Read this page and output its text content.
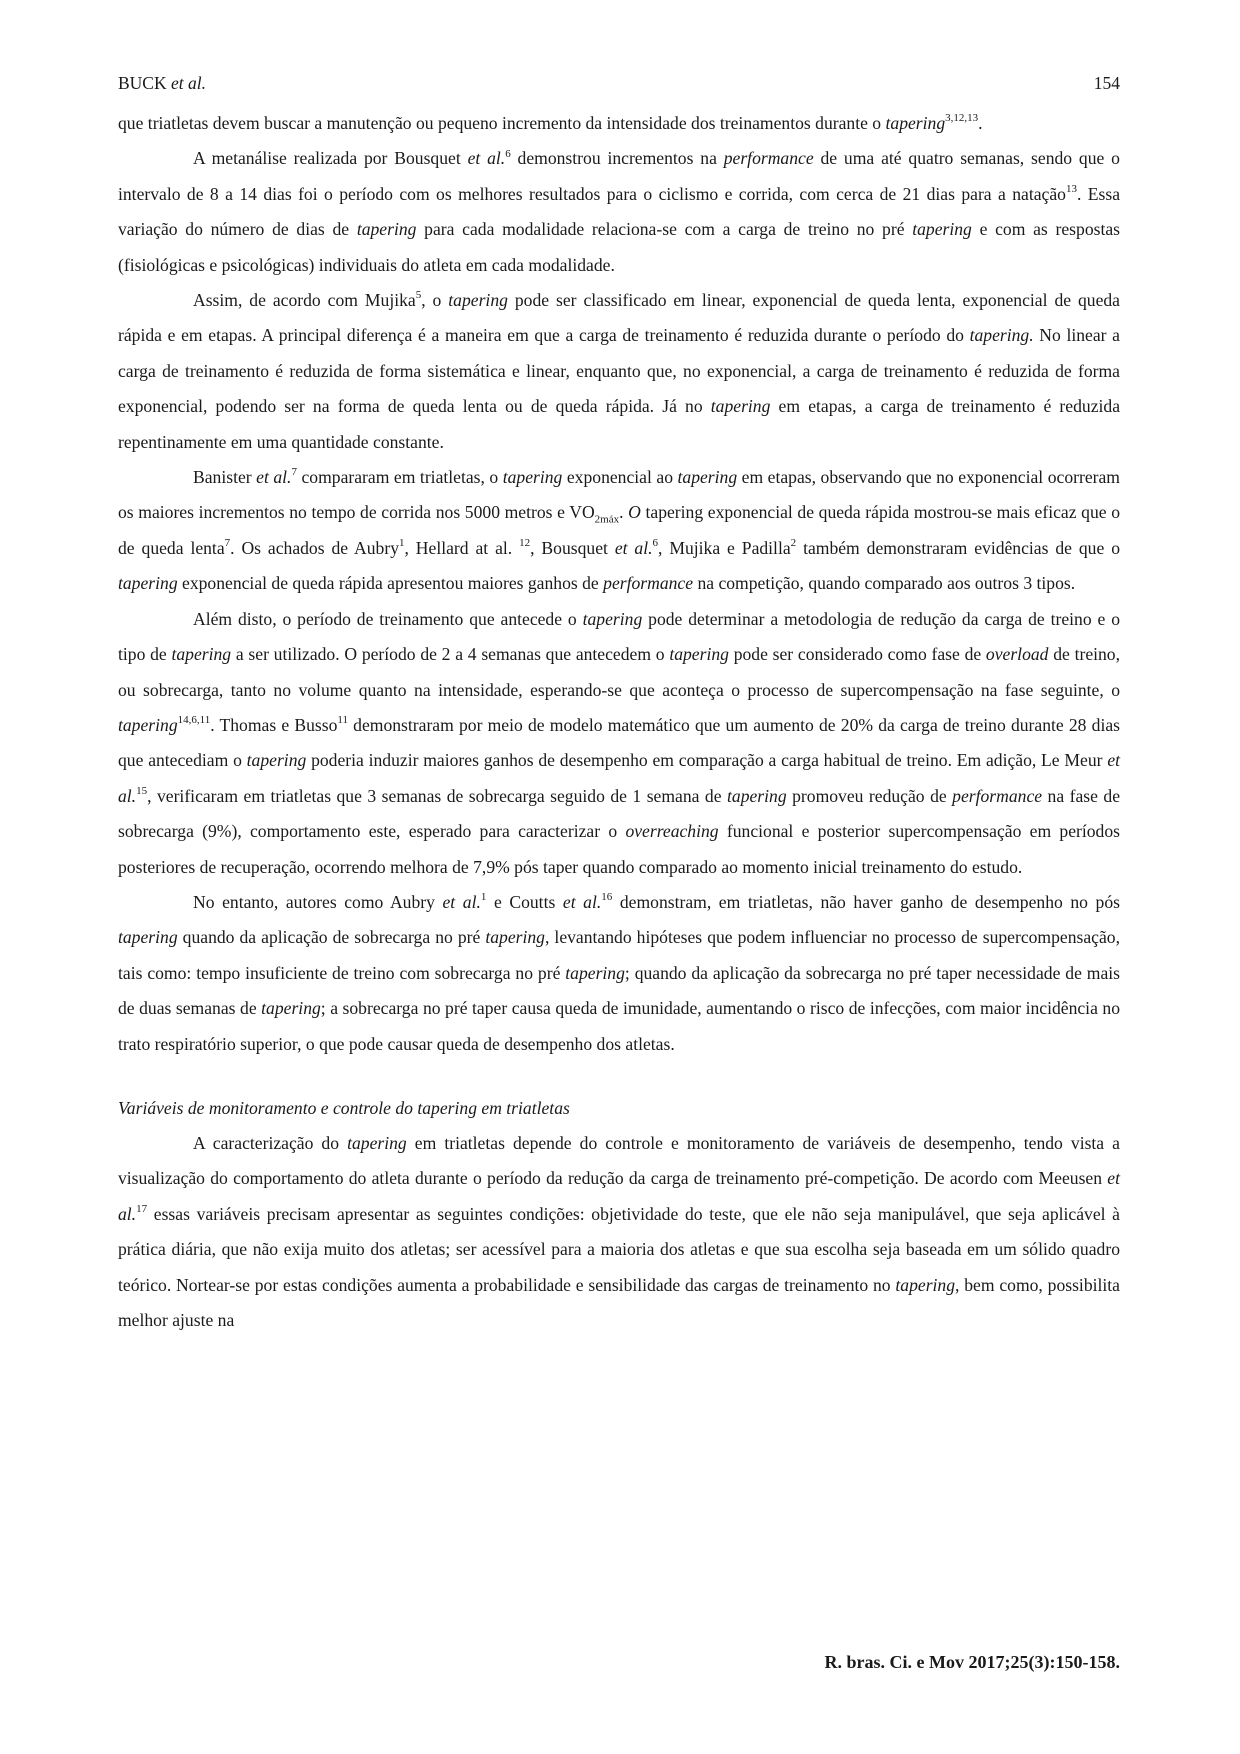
BUCK et al.	154

que triatletas devem buscar a manutenção ou pequeno incremento da intensidade dos treinamentos durante o tapering$^{3,12,13}$.

A metanálise realizada por Bousquet et al.$^6$ demonstrou incrementos na performance de uma até quatro semanas, sendo que o intervalo de 8 a 14 dias foi o período com os melhores resultados para o ciclismo e corrida, com cerca de 21 dias para a natação$^{13}$. Essa variação do número de dias de tapering para cada modalidade relaciona-se com a carga de treino no pré tapering e com as respostas (fisiológicas e psicológicas) individuais do atleta em cada modalidade.

Assim, de acordo com Mujika$^5$, o tapering pode ser classificado em linear, exponencial de queda lenta, exponencial de queda rápida e em etapas. A principal diferença é a maneira em que a carga de treinamento é reduzida durante o período do tapering. No linear a carga de treinamento é reduzida de forma sistemática e linear, enquanto que, no exponencial, a carga de treinamento é reduzida de forma exponencial, podendo ser na forma de queda lenta ou de queda rápida. Já no tapering em etapas, a carga de treinamento é reduzida repentinamente em uma quantidade constante.

Banister et al.$^7$ compararam em triatletas, o tapering exponencial ao tapering em etapas, observando que no exponencial ocorreram os maiores incrementos no tempo de corrida nos 5000 metros e $VO_{2máx}$. O tapering exponencial de queda rápida mostrou-se mais eficaz que o de queda lenta$^7$. Os achados de Aubry$^1$, Hellard at al. $^{12}$, Bousquet et al.$^6$, Mujika e Padilla$^2$ também demonstraram evidências de que o tapering exponencial de queda rápida apresentou maiores ganhos de performance na competição, quando comparado aos outros 3 tipos.

Além disto, o período de treinamento que antecede o tapering pode determinar a metodologia de redução da carga de treino e o tipo de tapering a ser utilizado. O período de 2 a 4 semanas que antecedem o tapering pode ser considerado como fase de overload de treino, ou sobrecarga, tanto no volume quanto na intensidade, esperando-se que aconteça o processo de supercompensação na fase seguinte, o tapering$^{14,6,11}$. Thomas e Busso$^{11}$ demonstraram por meio de modelo matemático que um aumento de 20% da carga de treino durante 28 dias que antecediam o tapering poderia induzir maiores ganhos de desempenho em comparação a carga habitual de treino. Em adição, Le Meur et al.$^{15}$, verificaram em triatletas que 3 semanas de sobrecarga seguido de 1 semana de tapering promoveu redução de performance na fase de sobrecarga (9%), comportamento este, esperado para caracterizar o overreaching funcional e posterior supercompensação em períodos posteriores de recuperação, ocorrendo melhora de 7,9% pós taper quando comparado ao momento inicial treinamento do estudo.

No entanto, autores como Aubry et al.$^1$ e Coutts et al.$^{16}$ demonstram, em triatletas, não haver ganho de desempenho no pós tapering quando da aplicação de sobrecarga no pré tapering, levantando hipóteses que podem influenciar no processo de supercompensação, tais como: tempo insuficiente de treino com sobrecarga no pré tapering; quando da aplicação da sobrecarga no pré taper necessidade de mais de duas semanas de tapering; a sobrecarga no pré taper causa queda de imunidade, aumentando o risco de infecções, com maior incidência no trato respiratório superior, o que pode causar queda de desempenho dos atletas.

Variáveis de monitoramento e controle do tapering em triatletas

A caracterização do tapering em triatletas depende do controle e monitoramento de variáveis de desempenho, tendo vista a visualização do comportamento do atleta durante o período da redução da carga de treinamento pré-competição. De acordo com Meeusen et al.$^{17}$ essas variáveis precisam apresentar as seguintes condições: objetividade do teste, que ele não seja manipulável, que seja aplicável à prática diária, que não exija muito dos atletas; ser acessível para a maioria dos atletas e que sua escolha seja baseada em um sólido quadro teórico. Nortear-se por estas condições aumenta a probabilidade e sensibilidade das cargas de treinamento no tapering, bem como, possibilita melhor ajuste na

R. bras. Ci. e Mov 2017;25(3):150-158.
